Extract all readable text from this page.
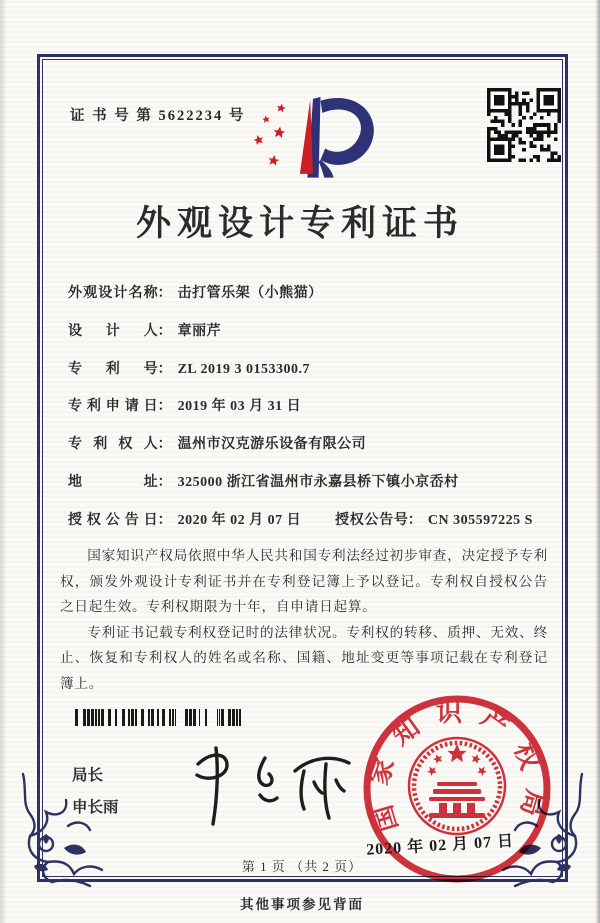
证 书 号 第 5622234 号
外观设计专利证书
外观设计名称： 击打管乐架（小熊猫）
设 计 人： 章丽芹
专 利 号： ZL 2019 3 0153300.7
专利申请日： 2019 年 03 月 31 日
专 利 权 人： 温州市汉克游乐设备有限公司
地 址： 325000 浙江省温州市永嘉县桥下镇小京岙村
授权公告日： 2020 年 02 月 07 日 授权公告号： CN 305597225 S

国家知识产权局依照中华人民共和国专利法经过初步审查，决定授予专利权，颁发外观设计专利证书并在专利登记簿上予以登记。专利权自授权公告之日起生效。专利权期限为十年，自申请日起算。

专利证书记载专利权登记时的法律状况。专利权的转移、质押、无效、终止、恢复和专利权人的姓名或名称、国籍、地址变更等事项记载在专利登记簿上。

局长
申长雨	国家知识产权局
2020 年 02 月 07 日
第 1 页 （共 2 页）
其他事项参见背面
